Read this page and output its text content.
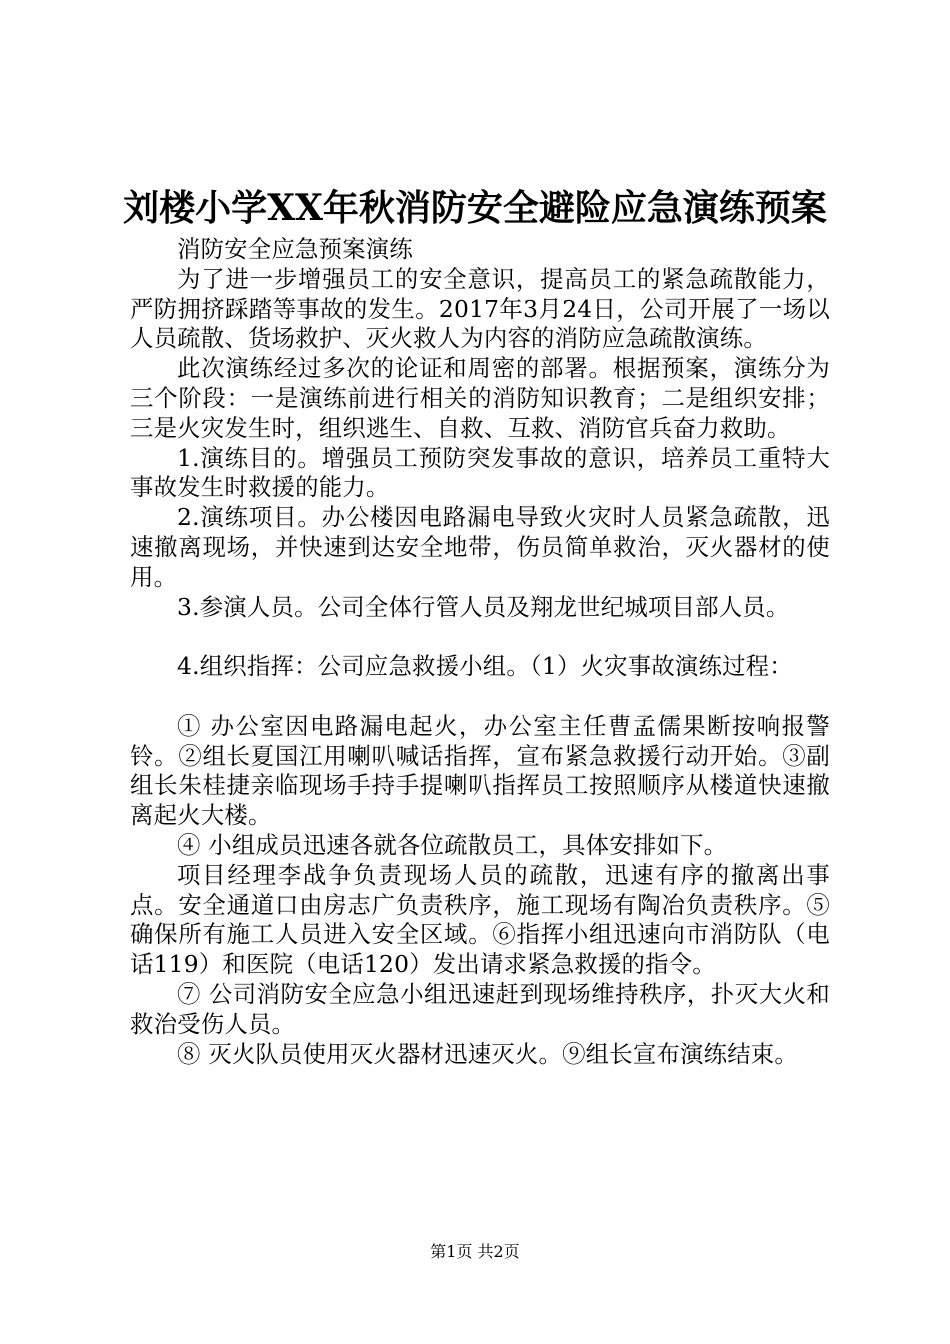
刘楼小学XX年秋消防安全避险应急演练预案

消防安全应急预案演练

为了进一步增强员工的安全意识，提高员工的紧急疏散能力，严防拥挤踩踏等事故的发生。2017年3月24日，公司开展了一场以人员疏散、货场救护、灭火救人为内容的消防应急疏散演练。

此次演练经过多次的论证和周密的部署。根据预案，演练分为三个阶段：一是演练前进行相关的消防知识教育；二是组织安排；三是火灾发生时，组织逃生、自救、互救、消防官兵奋力救助。

1.演练目的。增强员工预防突发事故的意识，培养员工重特大事故发生时救援的能力。

2.演练项目。办公楼因电路漏电导致火灾时人员紧急疏散，迅速撤离现场，并快速到达安全地带，伤员简单救治，灭火器材的使用。

3.参演人员。公司全体行管人员及翔龙世纪城项目部人员。

4.组织指挥：公司应急救援小组。（1）火灾事故演练过程：

① 办公室因电路漏电起火，办公室主任曹孟儒果断按响报警铃。②组长夏国江用喇叭喊话指挥，宣布紧急救援行动开始。③副组长朱桂捷亲临现场手持手提喇叭指挥员工按照顺序从楼道快速撤离起火大楼。

④ 小组成员迅速各就各位疏散员工，具体安排如下。

项目经理李战争负责现场人员的疏散，迅速有序的撤离出事点。安全通道口由房志广负责秩序，施工现场有陶冶负责秩序。⑤确保所有施工人员进入安全区域。⑥指挥小组迅速向市消防队（电话119）和医院（电话120）发出请求紧急救援的指令。

⑦ 公司消防安全应急小组迅速赶到现场维持秩序，扑灭大火和救治受伤人员。

⑧ 灭火队员使用灭火器材迅速灭火。⑨组长宣布演练结束。

第1页 共2页
